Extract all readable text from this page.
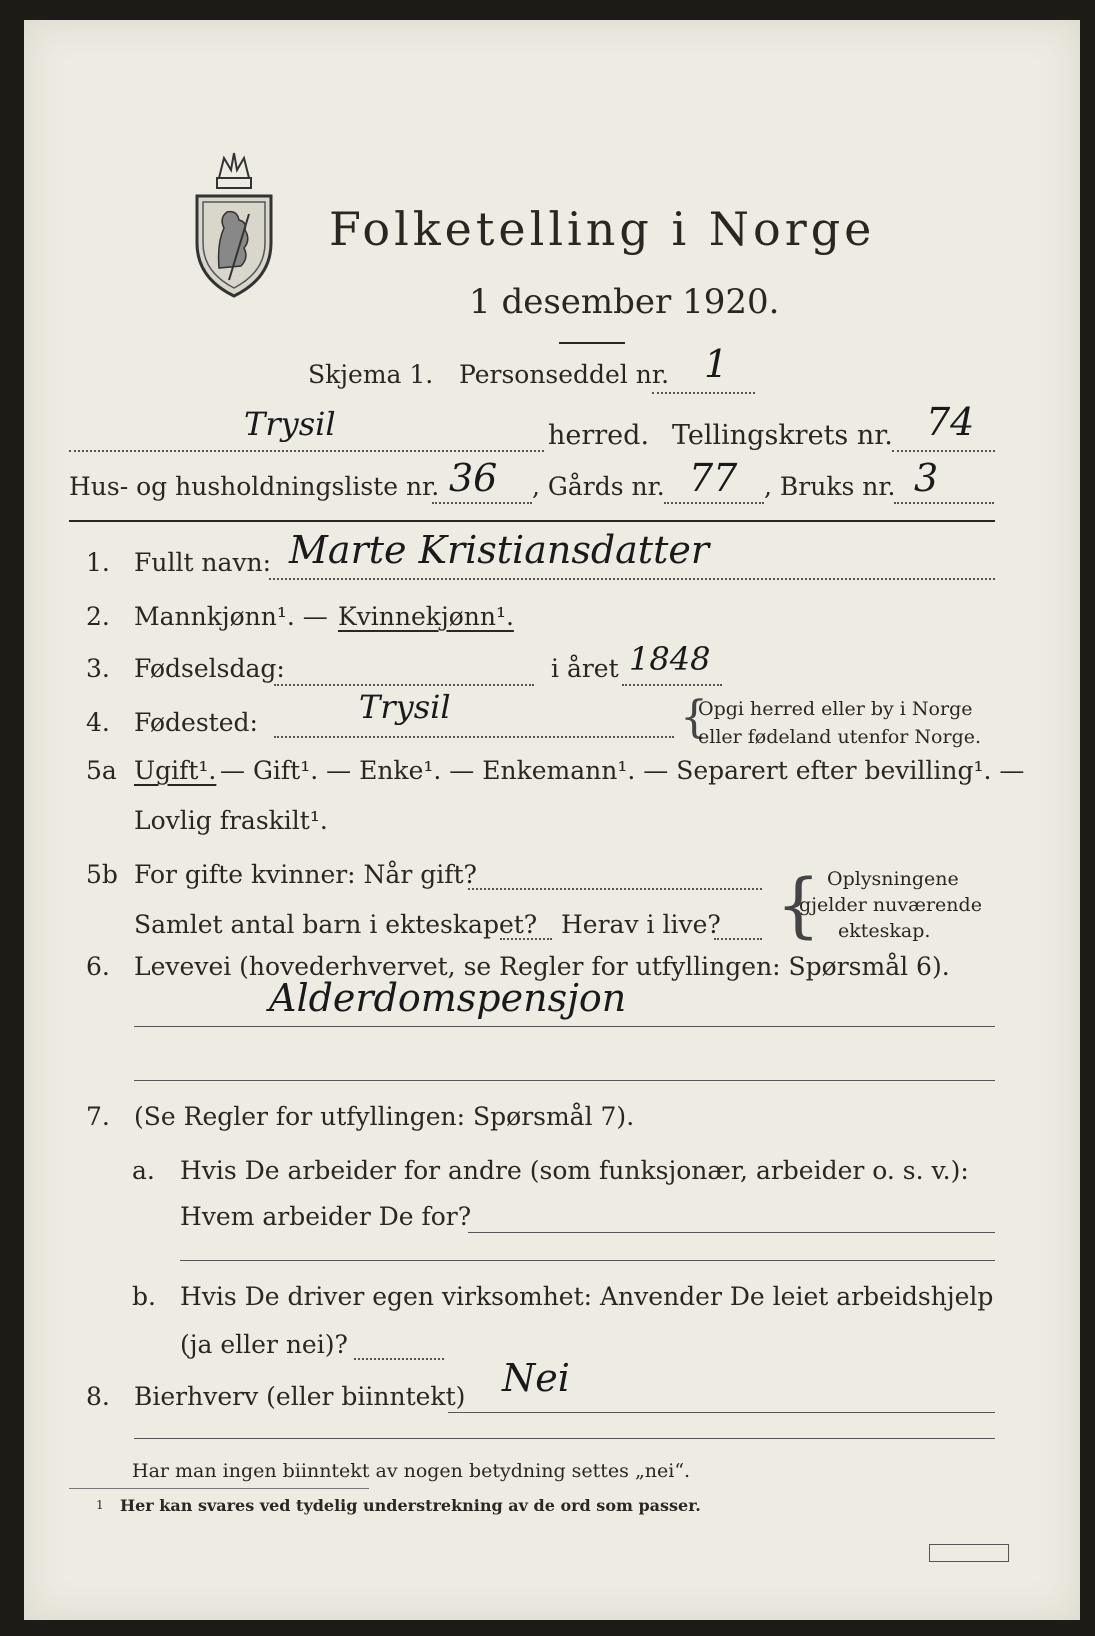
Folketelling i Norge
1 desember 1920.
Skjema 1. Personseddel nr. 1
Trysil	herred. Tellingskrets nr. 74
Hus- og husholdningsliste nr. 36 , Gårds nr. 77 , Bruks nr. 3
1. Fullt navn: Marte Kristiansdatter
2. Mannkjønn¹. — Kvinnekjønn¹.
3. Fødselsdag:	i året 1848
4. Fødested:	Trysil	{
Opgi herred eller by i Norge
eller fødeland utenfor Norge.
5a Ugift¹. — Gift¹. — Enke¹. — Enkemann¹. — Separert efter bevilling¹. —
Lovlig fraskilt¹.
5b For gifte kvinner: Når gift?
Samlet antal barn i ekteskapet? Herav i live? { Oplysningene
gjelder nuværende
ekteskap.
6. Levevei (hovederhvervet, se Regler for utfyllingen: Spørsmål 6).
Alderdomspensjon
7. (Se Regler for utfyllingen: Spørsmål 7).
a. Hvis De arbeider for andre (som funksjonær, arbeider o. s. v.):
Hvem arbeider De for?
b. Hvis De driver egen virksomhet: Anvender De leiet arbeidshjelp
(ja eller nei)?
8. Bierhverv (eller biinntekt) Nei
Har man ingen biinntekt av nogen betydning settes „nei“.
1 Her kan svares ved tydelig understrekning av de ord som passer.
